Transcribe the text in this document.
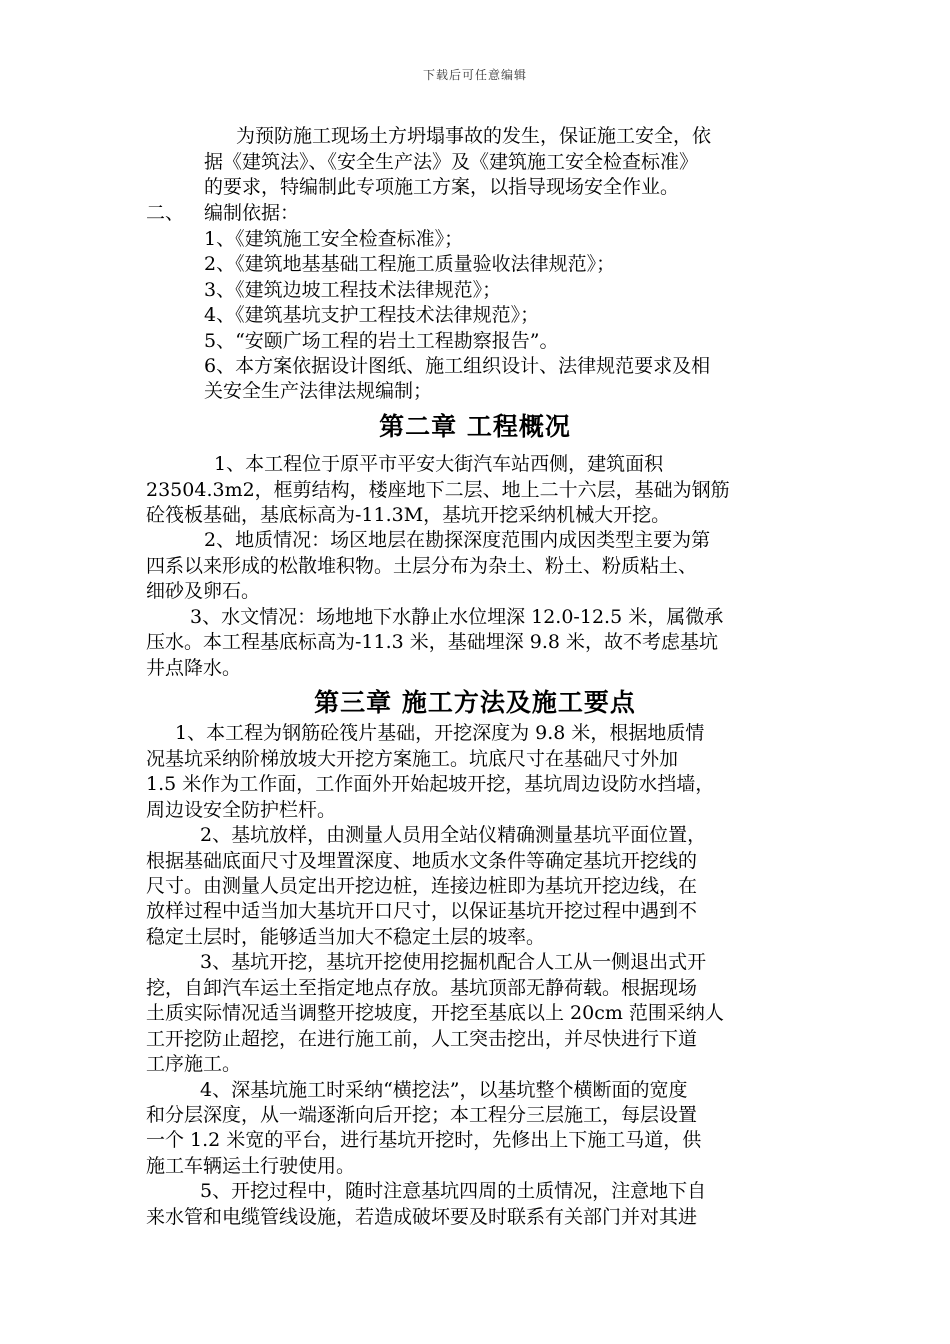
下载后可任意编辑
为预防施工现场土方坍塌事故的发生，保证施工安全，依
据《建筑法》、《安全生产法》及《建筑施工安全检查标准》
的要求，特编制此专项施工方案，以指导现场安全作业。
二、 编制依据：
1、《建筑施工安全检查标准》；
2、《建筑地基基础工程施工质量验收法律规范》；
3、《建筑边坡工程技术法律规范》；
4、《建筑基坑支护工程技术法律规范》；
5、“安颐广场工程的岩土工程勘察报告”。
6、本方案依据设计图纸、施工组织设计、法律规范要求及相
关安全生产法律法规编制；
第二章 工程概况
1、本工程位于原平市平安大街汽车站西侧，建筑面积
23504.3m2，框剪结构，楼座地下二层、地上二十六层，基础为钢筋
砼筏板基础，基底标高为-11.3M，基坑开挖采纳机械大开挖。
2、地质情况：场区地层在勘探深度范围内成因类型主要为第
四系以来形成的松散堆积物。土层分布为杂土、粉土、粉质粘土、
细砂及卵石。
3、水文情况：场地地下水静止水位埋深 12.0-12.5 米，属微承
压水。本工程基底标高为-11.3 米，基础埋深 9.8 米，故不考虑基坑
井点降水。
第三章 施工方法及施工要点
1、本工程为钢筋砼筏片基础，开挖深度为 9.8 米，根据地质情
况基坑采纳阶梯放坡大开挖方案施工。坑底尺寸在基础尺寸外加
1.5 米作为工作面，工作面外开始起坡开挖，基坑周边设防水挡墙，
周边设安全防护栏杆。
2、基坑放样，由测量人员用全站仪精确测量基坑平面位置，
根据基础底面尺寸及埋置深度、地质水文条件等确定基坑开挖线的
尺寸。由测量人员定出开挖边桩，连接边桩即为基坑开挖边线，在
放样过程中适当加大基坑开口尺寸，以保证基坑开挖过程中遇到不
稳定土层时，能够适当加大不稳定土层的坡率。
3、基坑开挖，基坑开挖使用挖掘机配合人工从一侧退出式开
挖，自卸汽车运土至指定地点存放。基坑顶部无静荷载。根据现场
土质实际情况适当调整开挖坡度，开挖至基底以上 20cm 范围采纳人
工开挖防止超挖，在进行施工前，人工突击挖出，并尽快进行下道
工序施工。
4、深基坑施工时采纳“横挖法”，以基坑整个横断面的宽度
和分层深度，从一端逐渐向后开挖；本工程分三层施工，每层设置
一个 1.2 米宽的平台，进行基坑开挖时，先修出上下施工马道，供
施工车辆运土行驶使用。
5、开挖过程中，随时注意基坑四周的土质情况，注意地下自
来水管和电缆管线设施，若造成破坏要及时联系有关部门并对其进
